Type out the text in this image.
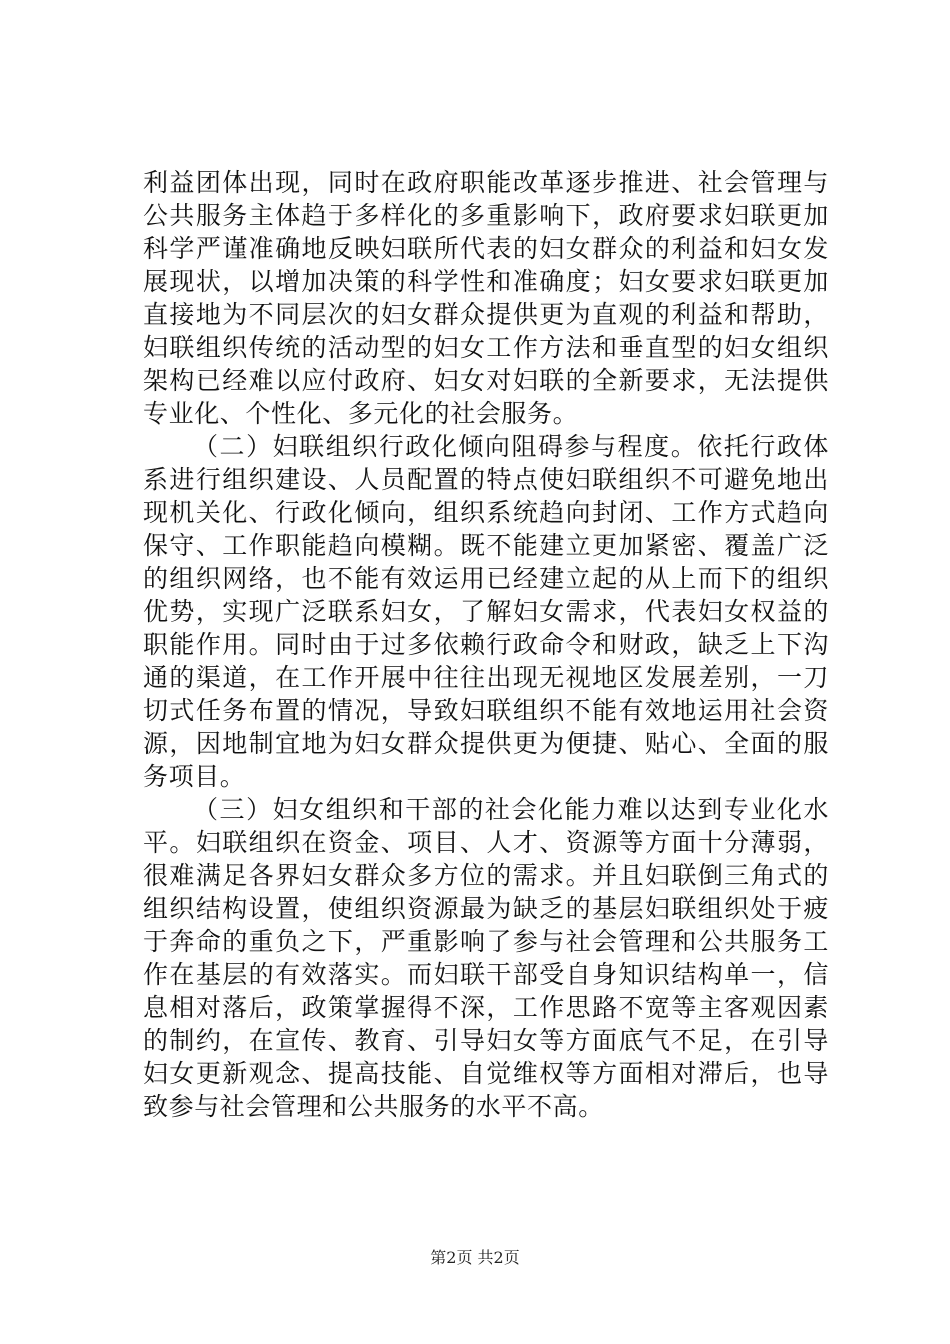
利益团体出现，同时在政府职能改革逐步推进、社会管理与公共服务主体趋于多样化的多重影响下，政府要求妇联更加科学严谨准确地反映妇联所代表的妇女群众的利益和妇女发展现状，以增加决策的科学性和准确度；妇女要求妇联更加直接地为不同层次的妇女群众提供更为直观的利益和帮助，妇联组织传统的活动型的妇女工作方法和垂直型的妇女组织架构已经难以应付政府、妇女对妇联的全新要求，无法提供专业化、个性化、多元化的社会服务。

（二）妇联组织行政化倾向阻碍参与程度。依托行政体系进行组织建设、人员配置的特点使妇联组织不可避免地出现机关化、行政化倾向，组织系统趋向封闭、工作方式趋向保守、工作职能趋向模糊。既不能建立更加紧密、覆盖广泛的组织网络，也不能有效运用已经建立起的从上而下的组织优势，实现广泛联系妇女，了解妇女需求，代表妇女权益的职能作用。同时由于过多依赖行政命令和财政，缺乏上下沟通的渠道，在工作开展中往往出现无视地区发展差别，一刀切式任务布置的情况，导致妇联组织不能有效地运用社会资源，因地制宜地为妇女群众提供更为便捷、贴心、全面的服务项目。

（三）妇女组织和干部的社会化能力难以达到专业化水平。妇联组织在资金、项目、人才、资源等方面十分薄弱，很难满足各界妇女群众多方位的需求。并且妇联倒三角式的组织结构设置，使组织资源最为缺乏的基层妇联组织处于疲于奔命的重负之下，严重影响了参与社会管理和公共服务工作在基层的有效落实。而妇联干部受自身知识结构单一，信息相对落后，政策掌握得不深，工作思路不宽等主客观因素的制约，在宣传、教育、引导妇女等方面底气不足，在引导妇女更新观念、提高技能、自觉维权等方面相对滞后，也导致参与社会管理和公共服务的水平不高。

第2页 共2页
